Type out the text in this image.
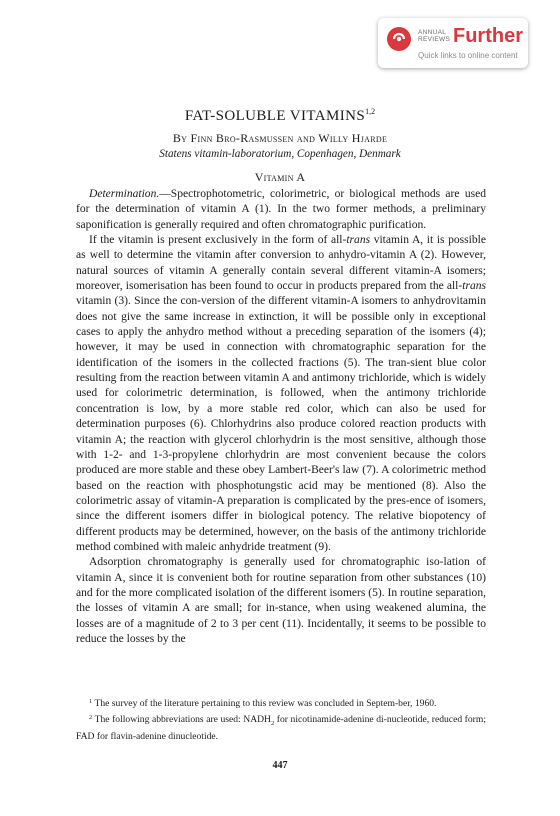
ANNUAL
REVIEWS Further
Quick links to online content
FAT-SOLUBLE VITAMINS$^{1,2}$
By Finn Bro-Rasmussen and Willy Hjarde
Statens vitamin-laboratorium, Copenhagen, Denmark
Vitamin A

Determination.—Spectrophotometric, colorimetric, or biological methods are used for the determination of vitamin A (1). In the two former methods, a preliminary saponification is generally required and often chromatographic purification.

If the vitamin is present exclusively in the form of all-trans vitamin A, it is possible as well to determine the vitamin after conversion to anhydro-vitamin A (2). However, natural sources of vitamin A generally contain several different vitamin-A isomers; moreover, isomerisation has been found to occur in products prepared from the all-trans vitamin (3). Since the con-version of the different vitamin-A isomers to anhydrovitamin does not give the same increase in extinction, it will be possible only in exceptional cases to apply the anhydro method without a preceding separation of the isomers (4); however, it may be used in connection with chromatographic separation for the identification of the isomers in the collected fractions (5). The tran-sient blue color resulting from the reaction between vitamin A and antimony trichloride, which is widely used for colorimetric determination, is followed, when the antimony trichloride concentration is low, by a more stable red color, which can also be used for determination purposes (6). Chlorhydrins also produce colored reaction products with vitamin A; the reaction with glycerol chlorhydrin is the most sensitive, although those with 1-2- and 1-3-propylene chlorhydrin are most convenient because the colors produced are more stable and these obey Lambert-Beer's law (7). A colorimetric method based on the reaction with phosphotungstic acid may be mentioned (8). Also the colorimetric assay of vitamin-A preparation is complicated by the pres-ence of isomers, since the different isomers differ in biological potency. The relative biopotency of different products may be determined, however, on the basis of the antimony trichloride method combined with maleic anhydride treatment (9).

Adsorption chromatography is generally used for chromatographic iso-lation of vitamin A, since it is convenient both for routine separation from other substances (10) and for the more complicated isolation of the different isomers (5). In routine separation, the losses of vitamin A are small; for in-stance, when using weakened alumina, the losses are of a magnitude of 2 to 3 per cent (11). Incidentally, it seems to be possible to reduce the losses by the

$^1$ The survey of the literature pertaining to this review was concluded in Septem-ber, 1960.

$^2$ The following abbreviations are used: $NADH_2$ for nicotinamide-adenine di-nucleotide, reduced form; FAD for flavin-adenine dinucleotide.

447
